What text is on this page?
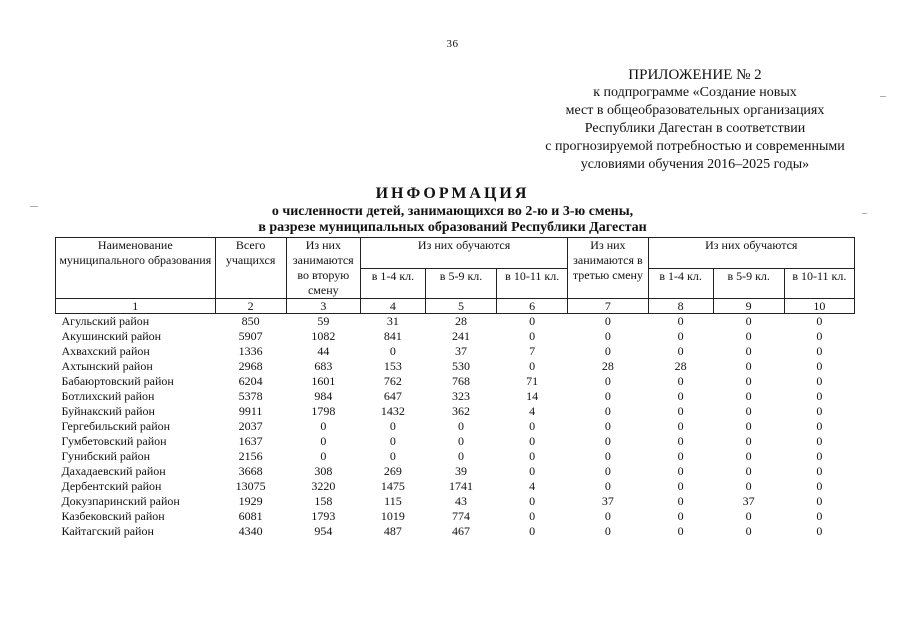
36
ПРИЛОЖЕНИЕ № 2
к подпрограмме «Создание новых
мест в общеобразовательных организациях
Республики Дагестан в соответствии
с прогнозируемой потребностью и современными
условиями обучения 2016–2025 годы»
ИНФОРМАЦИЯ
о численности детей, занимающихся во 2-ю и 3-ю смены,
в разрезе муниципальных образований Республики Дагестан
Наименование муниципального образования	Всего учащихся	Из них занимаются во вторую смену	Из них обучаются			Из них занимаются в третью смену	Из них обучаются		
			в 1-4 кл.	в 5-9 кл.	в 10-11 кл.		в 1-4 кл.	в 5-9 кл.	в 10-11 кл.
1	2	3	4	5	6	7	8	9	10
Агульский район	850	59	31	28	0	0	0	0	0
Акушинский район	5907	1082	841	241	0	0	0	0	0
Ахвахский район	1336	44	0	37	7	0	0	0	0
Ахтынский район	2968	683	153	530	0	28	28	0	0
Бабаюртовский район	6204	1601	762	768	71	0	0	0	0
Ботлихский район	5378	984	647	323	14	0	0	0	0
Буйнакский район	9911	1798	1432	362	4	0	0	0	0
Гергебильский район	2037	0	0	0	0	0	0	0	0
Гумбетовский район	1637	0	0	0	0	0	0	0	0
Гунибский район	2156	0	0	0	0	0	0	0	0
Дахадаевский район	3668	308	269	39	0	0	0	0	0
Дербентский район	13075	3220	1475	1741	4	0	0	0	0
Докузпаринский район	1929	158	115	43	0	37	0	37	0
Казбековский район	6081	1793	1019	774	0	0	0	0	0
Кайтагский район	4340	954	487	467	0	0	0	0	0
